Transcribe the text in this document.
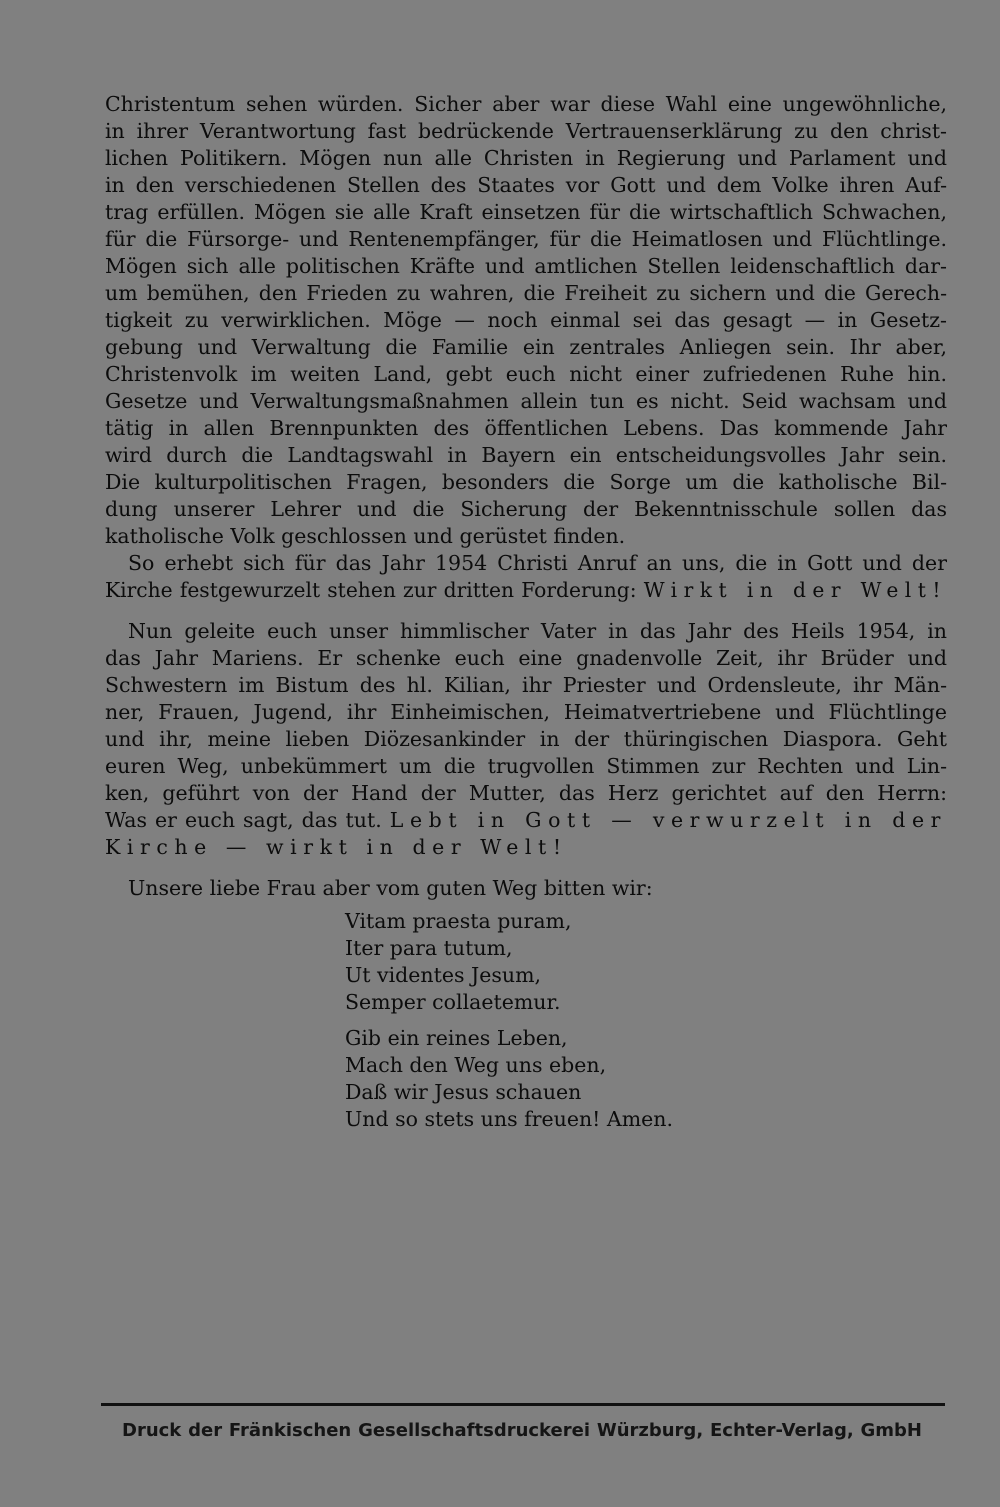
Christentum sehen würden. Sicher aber war diese Wahl eine ungewöhnliche,
in ihrer Verantwortung fast bedrückende Vertrauenserklärung zu den christ-
lichen Politikern. Mögen nun alle Christen in Regierung und Parlament und
in den verschiedenen Stellen des Staates vor Gott und dem Volke ihren Auf-
trag erfüllen. Mögen sie alle Kraft einsetzen für die wirtschaftlich Schwachen,
für die Fürsorge- und Rentenempfänger, für die Heimatlosen und Flüchtlinge.
Mögen sich alle politischen Kräfte und amtlichen Stellen leidenschaftlich dar-
um bemühen, den Frieden zu wahren, die Freiheit zu sichern und die Gerech-
tigkeit zu verwirklichen. Möge — noch einmal sei das gesagt — in Gesetz-
gebung und Verwaltung die Familie ein zentrales Anliegen sein. Ihr aber,
Christenvolk im weiten Land, gebt euch nicht einer zufriedenen Ruhe hin.
Gesetze und Verwaltungsmaßnahmen allein tun es nicht. Seid wachsam und
tätig in allen Brennpunkten des öffentlichen Lebens. Das kommende Jahr
wird durch die Landtagswahl in Bayern ein entscheidungsvolles Jahr sein.
Die kulturpolitischen Fragen, besonders die Sorge um die katholische Bil-
dung unserer Lehrer und die Sicherung der Bekenntnisschule sollen das
katholische Volk geschlossen und gerüstet finden.
So erhebt sich für das Jahr 1954 Christi Anruf an uns, die in Gott und der
Kirche festgewurzelt stehen zur dritten Forderung: Wirkt in der Welt!
Nun geleite euch unser himmlischer Vater in das Jahr des Heils 1954, in
das Jahr Mariens. Er schenke euch eine gnadenvolle Zeit, ihr Brüder und
Schwestern im Bistum des hl. Kilian, ihr Priester und Ordensleute, ihr Män-
ner, Frauen, Jugend, ihr Einheimischen, Heimatvertriebene und Flüchtlinge
und ihr, meine lieben Diözesankinder in der thüringischen Diaspora. Geht
euren Weg, unbekümmert um die trugvollen Stimmen zur Rechten und Lin-
ken, geführt von der Hand der Mutter, das Herz gerichtet auf den Herrn:
Was er euch sagt, das tut. Lebt in Gott — verwurzelt in der
Kirche — wirkt in der Welt!
Unsere liebe Frau aber vom guten Weg bitten wir:
Vitam praesta puram,
Iter para tutum,
Ut videntes Jesum,
Semper collaetemur.
Gib ein reines Leben,
Mach den Weg uns eben,
Daß wir Jesus schauen
Und so stets uns freuen! Amen.
Druck der Fränkischen Gesellschaftsdruckerei Würzburg, Echter-Verlag, GmbH
